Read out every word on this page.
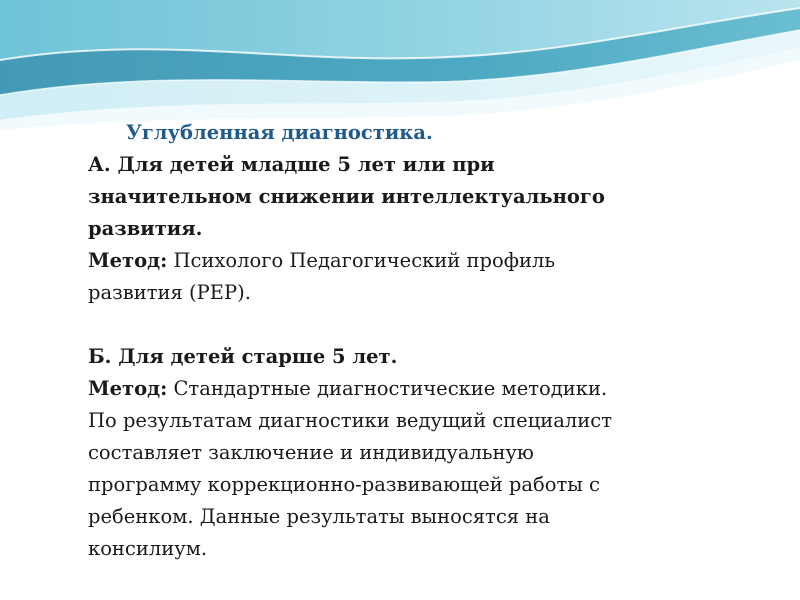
Углубленная диагностика.

А. Для детей младше 5 лет или при

значительном снижении интеллектуального

развития.

Метод: Психолого Педагогический профиль

развития (PEP).

Б. Для детей старше 5 лет.

Метод: Стандартные диагностические методики.

По результатам диагностики ведущий специалист

составляет заключение и индивидуальную

программу коррекционно-развивающей работы с

ребенком. Данные результаты выносятся на

консилиум.
